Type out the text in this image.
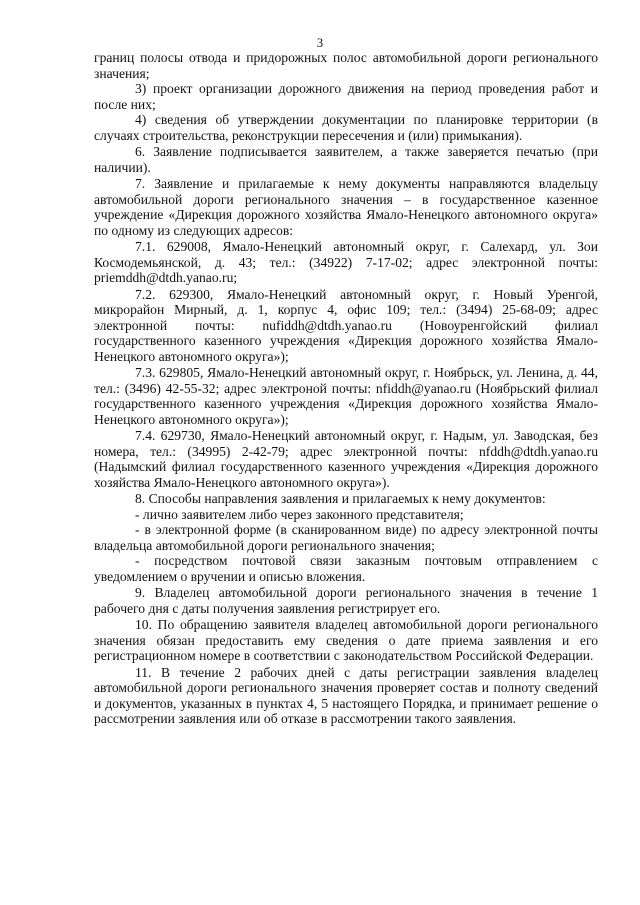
3

границ полосы отвода и придорожных полос автомобильной дороги регионального значения;

3) проект организации дорожного движения на период проведения работ и после них;

4) сведения об утверждении документации по планировке территории (в случаях строительства, реконструкции пересечения и (или) примыкания).

6. Заявление подписывается заявителем, а также заверяется печатью (при наличии).

7. Заявление и прилагаемые к нему документы направляются владельцу автомобильной дороги регионального значения – в государственное казенное учреждение «Дирекция дорожного хозяйства Ямало-Ненецкого автономного округа» по одному из следующих адресов:

7.1. 629008, Ямало-Ненецкий автономный округ, г. Салехард, ул. Зои Космодемьянской, д. 43; тел.: (34922) 7-17-02; адрес электронной почты: priemddh@dtdh.yanao.ru;

7.2. 629300, Ямало-Ненецкий автономный округ, г. Новый Уренгой, микрорайон Мирный, д. 1, корпус 4, офис 109; тел.: (3494) 25-68-09; адрес электронной почты: nufiddh@dtdh.yanao.ru (Новоуренгойский филиал государственного казенного учреждения «Дирекция дорожного хозяйства Ямало-Ненецкого автономного округа»);

7.3. 629805, Ямало-Ненецкий автономный округ, г. Ноябрьск, ул. Ленина, д. 44, тел.: (3496) 42-55-32; адрес электроной почты: nfiddh@yanao.ru (Ноябрьский филиал государственного казенного учреждения «Дирекция дорожного хозяйства Ямало-Ненецкого автономного округа»);

7.4. 629730, Ямало-Ненецкий автономный округ, г. Надым, ул. Заводская, без номера, тел.: (34995) 2-42-79; адрес электронной почты: nfddh@dtdh.yanao.ru (Надымский филиал государственного казенного учреждения «Дирекция дорожного хозяйства Ямало-Ненецкого автономного округа»).

8. Способы направления заявления и прилагаемых к нему документов:

- лично заявителем либо через законного представителя;

- в электронной форме (в сканированном виде) по адресу электронной почты владельца автомобильной дороги регионального значения;

- посредством почтовой связи заказным почтовым отправлением с уведомлением о вручении и описью вложения.

9. Владелец автомобильной дороги регионального значения в течение 1 рабочего дня с даты получения заявления регистрирует его.

10. По обращению заявителя владелец автомобильной дороги регионального значения обязан предоставить ему сведения о дате приема заявления и его регистрационном номере в соответствии с законодательством Российской Федерации.

11. В течение 2 рабочих дней с даты регистрации заявления владелец автомобильной дороги регионального значения проверяет состав и полноту сведений и документов, указанных в пунктах 4, 5 настоящего Порядка, и принимает решение о рассмотрении заявления или об отказе в рассмотрении такого заявления.
